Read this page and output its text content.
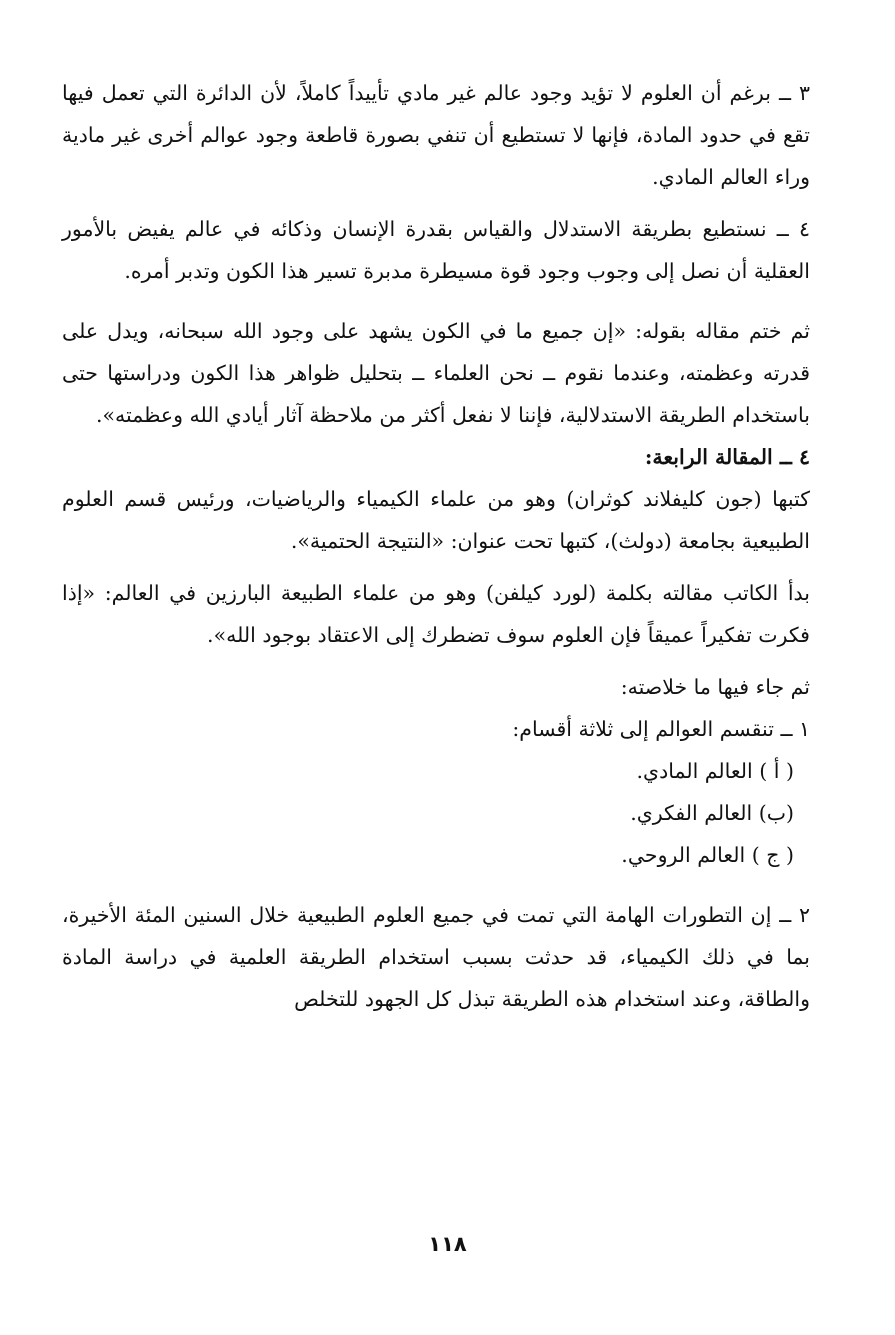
٣ ــ برغم أن العلوم لا تؤيد وجود عالم غير مادي تأييداً كاملاً، لأن الدائرة التي تعمل فيها تقع في حدود المادة، فإنها لا تستطيع أن تنفي بصورة قاطعة وجود عوالم أخرى غير مادية وراء العالم المادي.

٤ ــ نستطيع بطريقة الاستدلال والقياس بقدرة الإنسان وذكائه في عالم يفيض بالأمور العقلية أن نصل إلى وجوب وجود قوة مسيطرة مدبرة تسير هذا الكون وتدبر أمره.

ثم ختم مقاله بقوله: «إن جميع ما في الكون يشهد على وجود الله سبحانه، ويدل على قدرته وعظمته، وعندما نقوم ــ نحن العلماء ــ بتحليل ظواهر هذا الكون ودراستها حتى باستخدام الطريقة الاستدلالية، فإننا لا نفعل أكثر من ملاحظة آثار أيادي الله وعظمته».

٤ ــ المقالة الرابعة:

كتبها (جون كليفلاند كوثران) وهو من علماء الكيمياء والرياضيات، ورئيس قسم العلوم الطبيعية بجامعة (دولث)، كتبها تحت عنوان: «النتيجة الحتمية».

بدأ الكاتب مقالته بكلمة (لورد كيلفن) وهو من علماء الطبيعة البارزين في العالم: «إذا فكرت تفكيراً عميقاً فإن العلوم سوف تضطرك إلى الاعتقاد بوجود الله».

ثم جاء فيها ما خلاصته:

١ ــ تنقسم العوالم إلى ثلاثة أقسام:

( أ ) العالم المادي.

(ب) العالم الفكري.

( ج ) العالم الروحي.

٢ ــ إن التطورات الهامة التي تمت في جميع العلوم الطبيعية خلال السنين المئة الأخيرة، بما في ذلك الكيمياء، قد حدثت بسبب استخدام الطريقة العلمية في دراسة المادة والطاقة، وعند استخدام هذه الطريقة تبذل كل الجهود للتخلص

١١٨
